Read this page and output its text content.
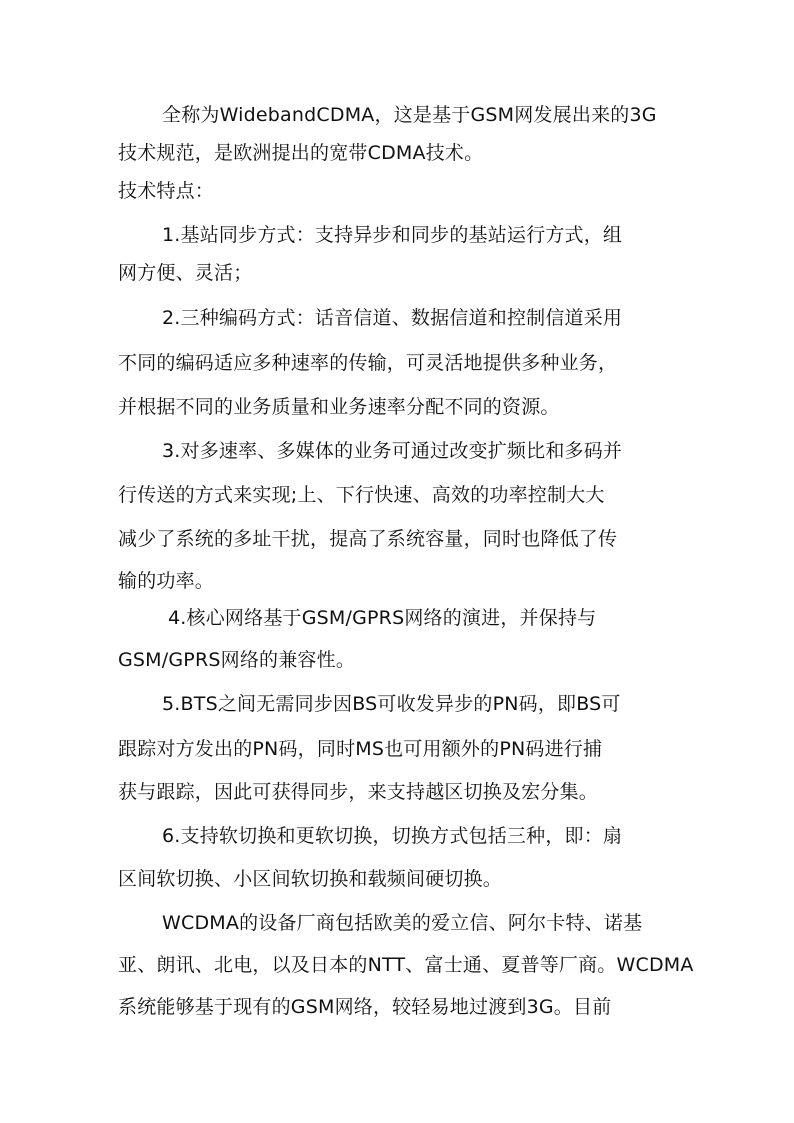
全称为WidebandCDMA，这是基于GSM网发展出来的3G
技术规范，是欧洲提出的宽带CDMA技术。
技术特点：
1.基站同步方式：支持异步和同步的基站运行方式，组
网方便、灵活；
2.三种编码方式：话音信道、数据信道和控制信道采用
不同的编码适应多种速率的传输，可灵活地提供多种业务，
并根据不同的业务质量和业务速率分配不同的资源。
3.对多速率、多媒体的业务可通过改变扩频比和多码并
行传送的方式来实现;上、下行快速、高效的功率控制大大
减少了系统的多址干扰，提高了系统容量，同时也降低了传
输的功率。
4.核心网络基于GSM/GPRS网络的演进，并保持与
GSM/GPRS网络的兼容性。
5.BTS之间无需同步因BS可收发异步的PN码，即BS可
跟踪对方发出的PN码，同时MS也可用额外的PN码进行捕
获与跟踪，因此可获得同步，来支持越区切换及宏分集。
6.支持软切换和更软切换，切换方式包括三种，即：扇
区间软切换、小区间软切换和载频间硬切换。
WCDMA的设备厂商包括欧美的爱立信、阿尔卡特、诺基
亚、朗讯、北电，以及日本的NTT、富士通、夏普等厂商。WCDMA
系统能够基于现有的GSM网络，较轻易地过渡到3G。目前
